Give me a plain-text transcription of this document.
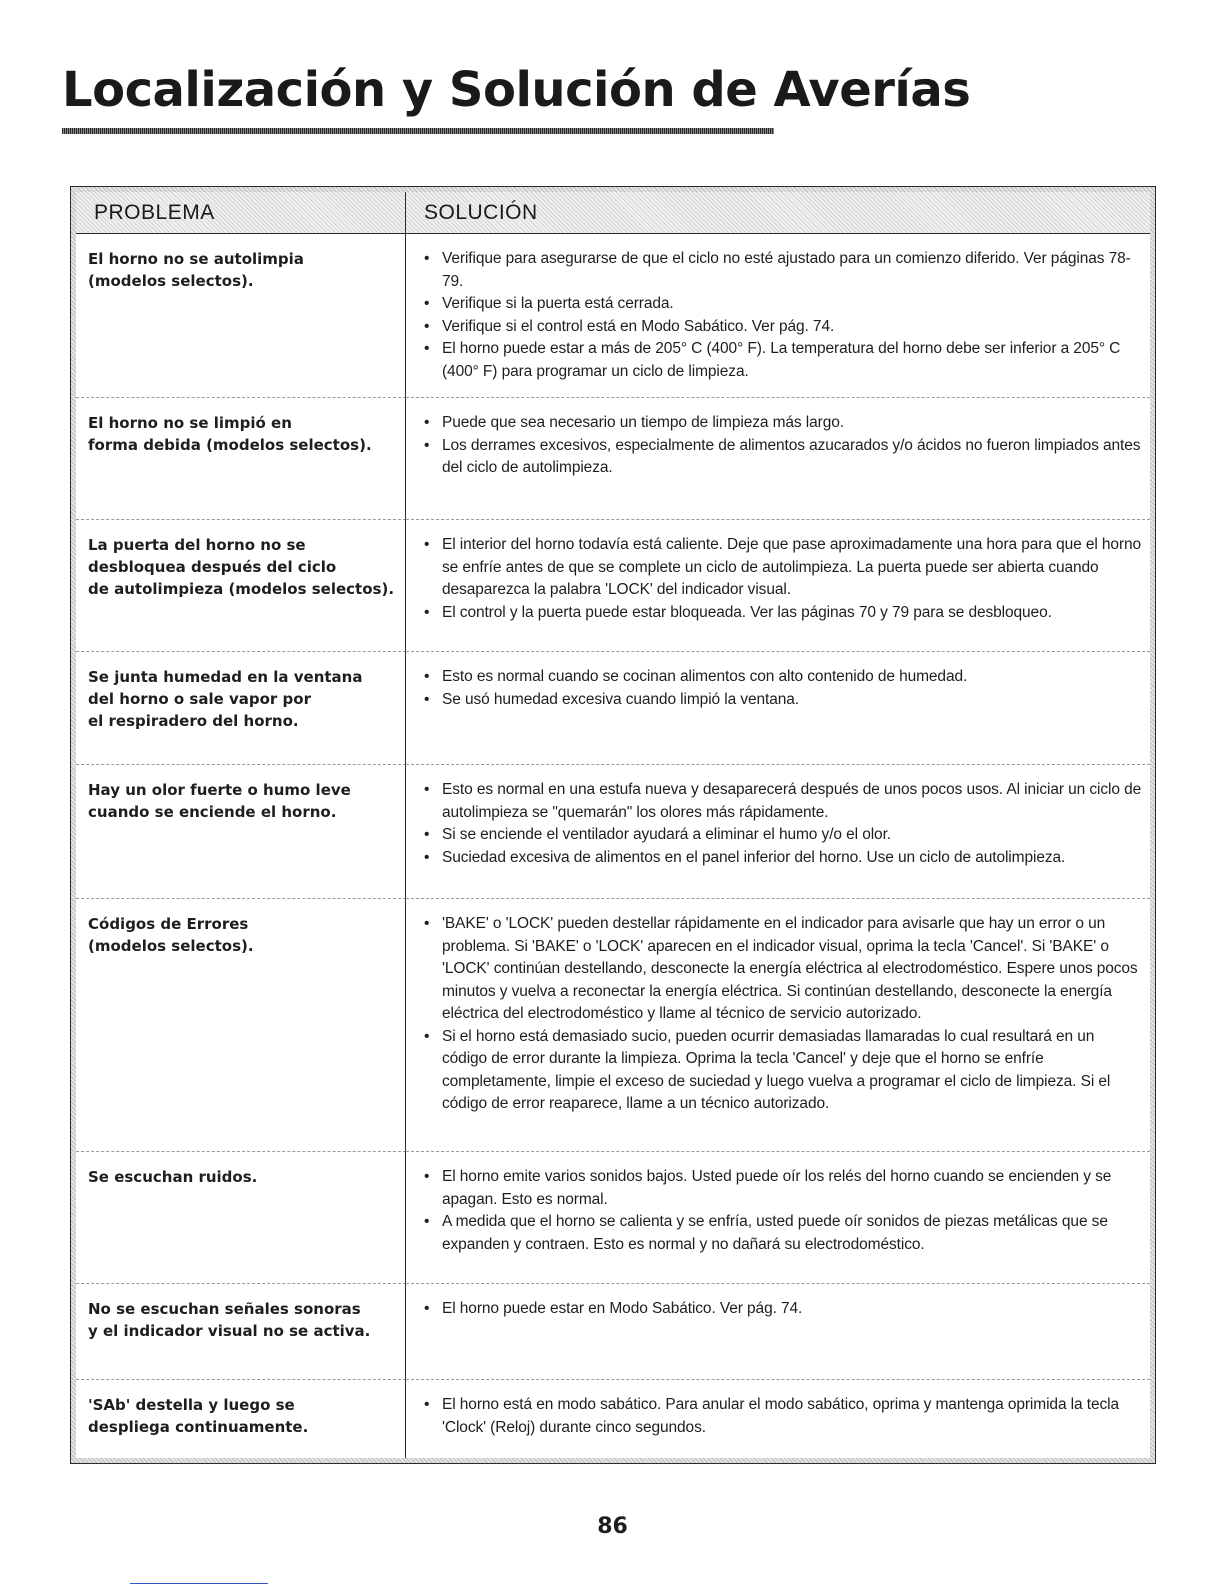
Localización y Solución de Averías
PROBLEMA	SOLUCIÓN

El horno no se autolimpia
(modelos selectos).

• Verifique para asegurarse de que el ciclo no esté ajustado para un comienzo diferido. Ver páginas 78-79.
• Verifique si la puerta está cerrada.
• Verifique si el control está en Modo Sabático. Ver pág. 74.
• El horno puede estar a más de 205° C (400° F). La temperatura del horno debe ser inferior a 205° C (400° F) para programar un ciclo de limpieza.

El horno no se limpió en
forma debida (modelos selectos).

• Puede que sea necesario un tiempo de limpieza más largo.
• Los derrames excesivos, especialmente de alimentos azucarados y/o ácidos no fueron limpiados antes del ciclo de autolimpieza.

La puerta del horno no se
desbloquea después del ciclo
de autolimpieza (modelos selectos).

• El interior del horno todavía está caliente. Deje que pase aproximadamente una hora para que el horno se enfríe antes de que se complete un ciclo de autolimpieza. La puerta puede ser abierta cuando desaparezca la palabra 'LOCK' del indicador visual.
• El control y la puerta puede estar bloqueada. Ver las páginas 70 y 79 para se desbloqueo.

Se junta humedad en la ventana
del horno o sale vapor por
el respiradero del horno.

• Esto es normal cuando se cocinan alimentos con alto contenido de humedad.
• Se usó humedad excesiva cuando limpió la ventana.

Hay un olor fuerte o humo leve
cuando se enciende el horno.

• Esto es normal en una estufa nueva y desaparecerá después de unos pocos usos. Al iniciar un ciclo de autolimpieza se "quemarán" los olores más rápidamente.
• Si se enciende el ventilador ayudará a eliminar el humo y/o el olor.
• Suciedad excesiva de alimentos en el panel inferior del horno. Use un ciclo de autolimpieza.

Códigos de Errores
(modelos selectos).

• 'BAKE' o 'LOCK' pueden destellar rápidamente en el indicador para avisarle que hay un error o un problema. Si 'BAKE' o 'LOCK' aparecen en el indicador visual, oprima la tecla 'Cancel'. Si 'BAKE' o 'LOCK' continúan destellando, desconecte la energía eléctrica al electrodoméstico. Espere unos pocos minutos y vuelva a reconectar la energía eléctrica. Si continúan destellando, desconecte la energía eléctrica del electrodoméstico y llame al técnico de servicio autorizado.
• Si el horno está demasiado sucio, pueden ocurrir demasiadas llamaradas lo cual resultará en un código de error durante la limpieza. Oprima la tecla 'Cancel' y deje que el horno se enfríe completamente, limpie el exceso de suciedad y luego vuelva a programar el ciclo de limpieza. Si el código de error reaparece, llame a un técnico autorizado.

Se escuchan ruidos.	• El horno emite varios sonidos bajos. Usted puede oír los relés del horno cuando se encienden y se apagan. Esto es normal.
• A medida que el horno se calienta y se enfría, usted puede oír sonidos de piezas metálicas que se expanden y contraen. Esto es normal y no dañará su electrodoméstico.

No se escuchan señales sonoras
y el indicador visual no se activa.

• El horno puede estar en Modo Sabático. Ver pág. 74.

'SAb' destella y luego se
despliega continuamente.

• El horno está en modo sabático. Para anular el modo sabático, oprima y mantenga oprimida la tecla 'Clock' (Reloj) durante cinco segundos.
86
